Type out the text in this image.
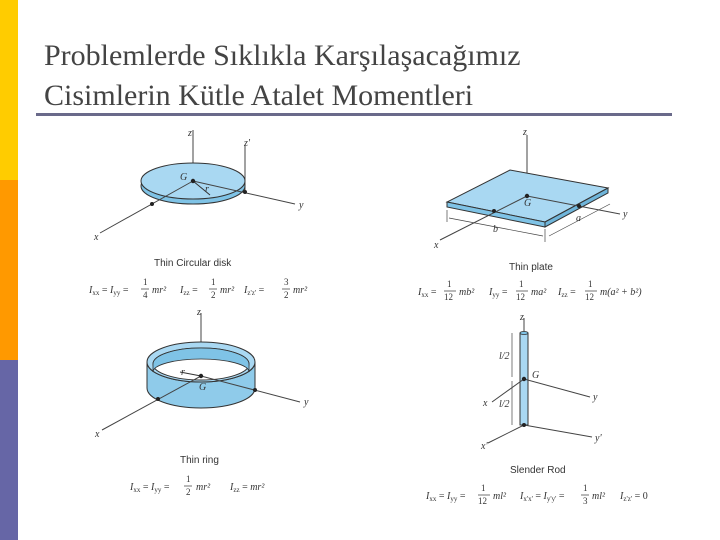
Problemlerde Sıklıkla Karşılaşacağımız
Cisimlerin Kütle Atalet Momentleri
z
z'
G
r
y
x
Thin Circular disk
$I_{xx} = I_{yy}$ =
1
4 mr² $I_{zz}$ =
1
2 mr² $I_{z'z'}$ =
3
2 mr²
z
G
b
a	y
x
Thin plate
$I_{xx}$ =
1
12 mb² $I_{yy}$ =
1
12 ma² $I_{zz}$ =
1
12 m(a² + b²)
z
G
r
y
x
Thin ring
$I_{xx} = I_{yy}$ =
1
2 mr² $I_{zz} = mr^2$
z
G
y
x
y'
x'
l/2
l/2
Slender Rod
$I_{xx} = I_{yy}$ =
1
12 ml² $I_{x'x'} = I_{y'y'}$ =
1
3 ml² $I_{z'z'} = 0$
